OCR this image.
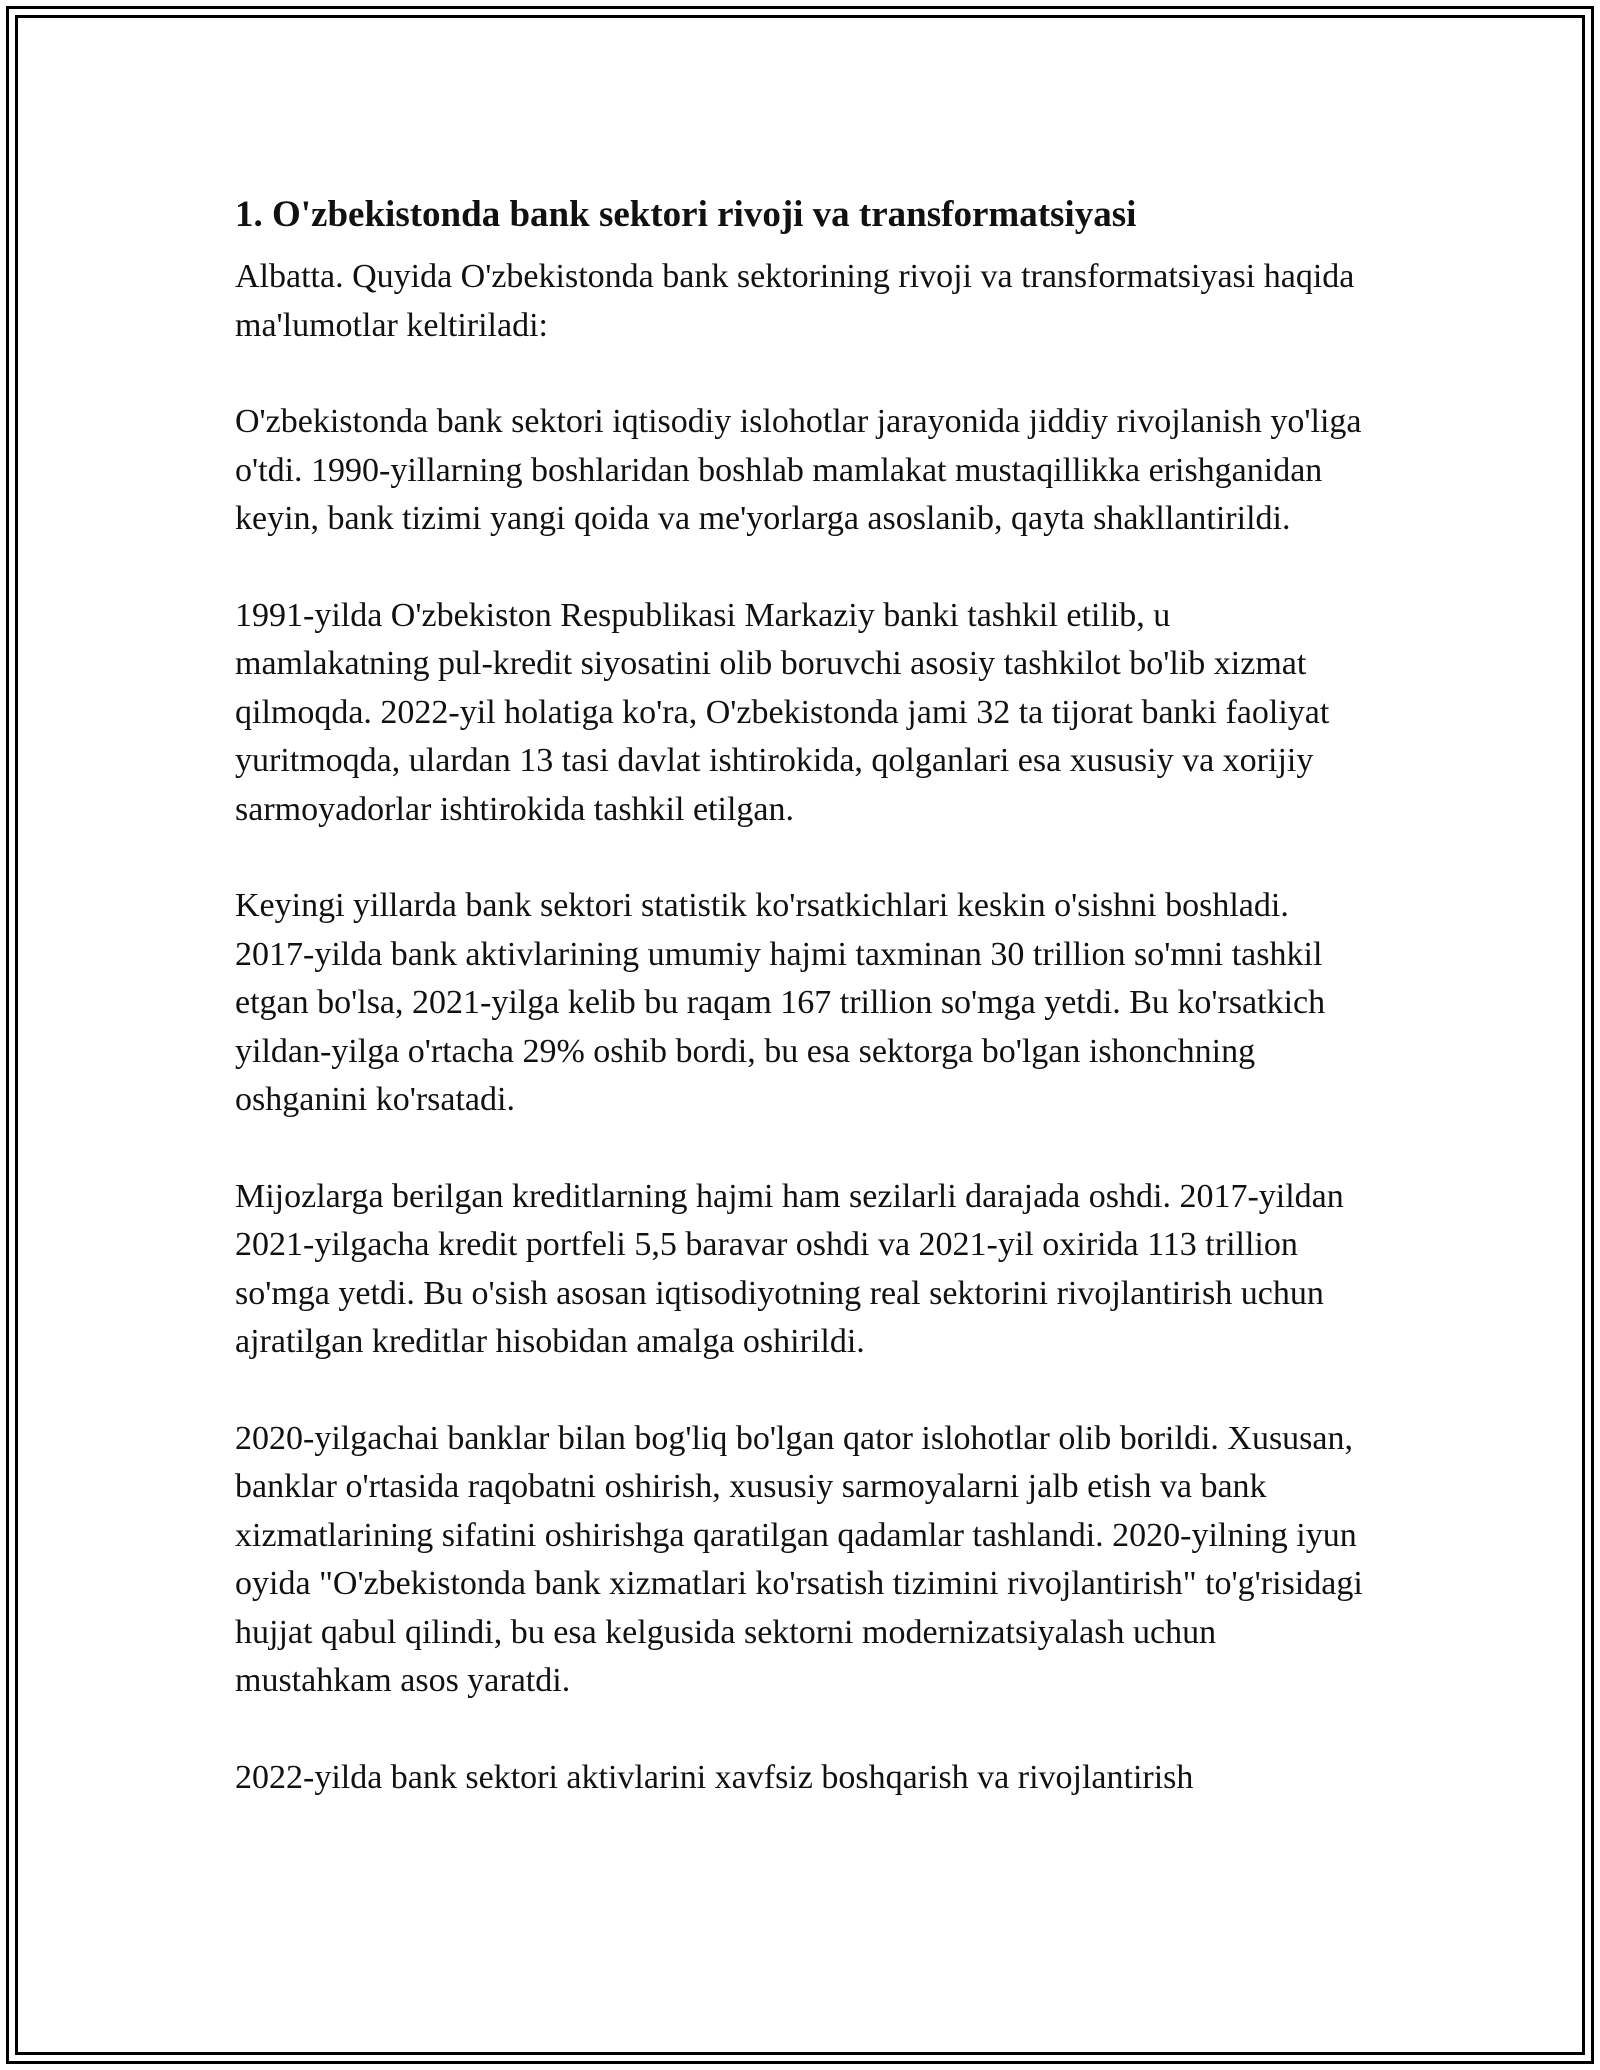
1. O'zbekistonda bank sektori rivoji va transformatsiyasi

Albatta. Quyida O'zbekistonda bank sektorining rivoji va transformatsiyasi haqida ma'lumotlar keltiriladi:

O'zbekistonda bank sektori iqtisodiy islohotlar jarayonida jiddiy rivojlanish yo'liga o'tdi. 1990-yillarning boshlaridan boshlab mamlakat mustaqillikka erishganidan keyin, bank tizimi yangi qoida va me'yorlarga asoslanib, qayta shakllantirildi.

1991-yilda O'zbekiston Respublikasi Markaziy banki tashkil etilib, u mamlakatning pul-kredit siyosatini olib boruvchi asosiy tashkilot bo'lib xizmat qilmoqda. 2022-yil holatiga ko'ra, O'zbekistonda jami 32 ta tijorat banki faoliyat yuritmoqda, ulardan 13 tasi davlat ishtirokida, qolganlari esa xususiy va xorijiy sarmoyadorlar ishtirokida tashkil etilgan.

Keyingi yillarda bank sektori statistik ko'rsatkichlari keskin o'sishni boshladi. 2017-yilda bank aktivlarining umumiy hajmi taxminan 30 trillion so'mni tashkil etgan bo'lsa, 2021-yilga kelib bu raqam 167 trillion so'mga yetdi. Bu ko'rsatkich yildan-yilga o'rtacha 29% oshib bordi, bu esa sektorga bo'lgan ishonchning oshganini ko'rsatadi.

Mijozlarga berilgan kreditlarning hajmi ham sezilarli darajada oshdi. 2017-yildan 2021-yilgacha kredit portfeli 5,5 baravar oshdi va 2021-yil oxirida 113 trillion so'mga yetdi. Bu o'sish asosan iqtisodiyotning real sektorini rivojlantirish uchun ajratilgan kreditlar hisobidan amalga oshirildi.

2020-yilgachai banklar bilan bog'liq bo'lgan qator islohotlar olib borildi. Xususan, banklar o'rtasida raqobatni oshirish, xususiy sarmoyalarni jalb etish va bank xizmatlarining sifatini oshirishga qaratilgan qadamlar tashlandi. 2020-yilning iyun oyida "O'zbekistonda bank xizmatlari ko'rsatish tizimini rivojlantirish" to'g'risidagi hujjat qabul qilindi, bu esa kelgusida sektorni modernizatsiyalash uchun mustahkam asos yaratdi.

2022-yilda bank sektori aktivlarini xavfsiz boshqarish va rivojlantirish
